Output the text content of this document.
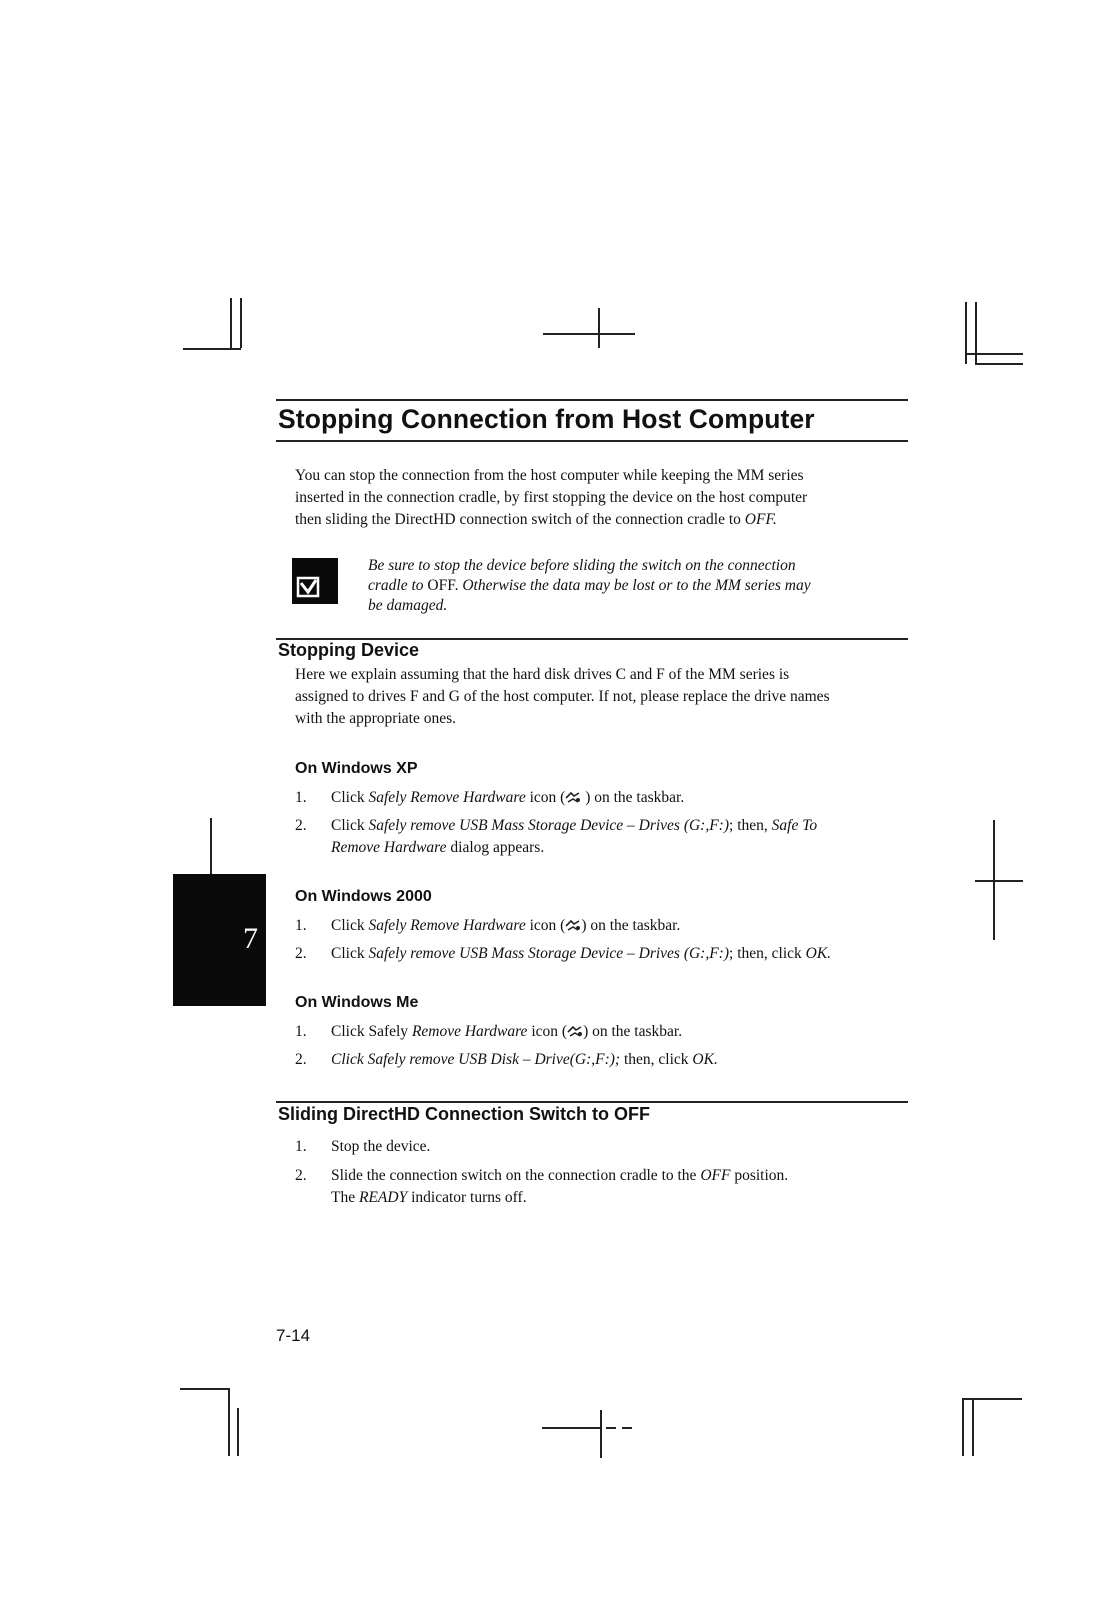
7
Stopping Connection from Host Computer
You can stop the connection from the host computer while keeping the MM series
inserted in the connection cradle, by first stopping the device on the host computer
then sliding the DirectHD connection switch of the connection cradle to OFF.
Be sure to stop the device before sliding the switch on the connection
cradle to OFF. Otherwise the data may be lost or to the MM series may
be damaged.
Stopping Device
Here we explain assuming that the hard disk drives C and F of the MM series is
assigned to drives F and G of the host computer. If not, please replace the drive names
with the appropriate ones.
On Windows XP
1. Click Safely Remove Hardware icon ( ) on the taskbar.
2. Click Safely remove USB Mass Storage Device – Drives (G:,F:); then, Safe To
Remove Hardware dialog appears.
On Windows 2000
1. Click Safely Remove Hardware icon ( ) on the taskbar.
2. Click Safely remove USB Mass Storage Device – Drives (G:,F:); then, click OK.
On Windows Me
1. Click Safely Remove Hardware icon ( ) on the taskbar.
2. Click Safely remove USB Disk – Drive(G:,F:); then, click OK.
Sliding DirectHD Connection Switch to OFF
1. Stop the device.
2. Slide the connection switch on the connection cradle to the OFF position.
The READY indicator turns off.
7-14
